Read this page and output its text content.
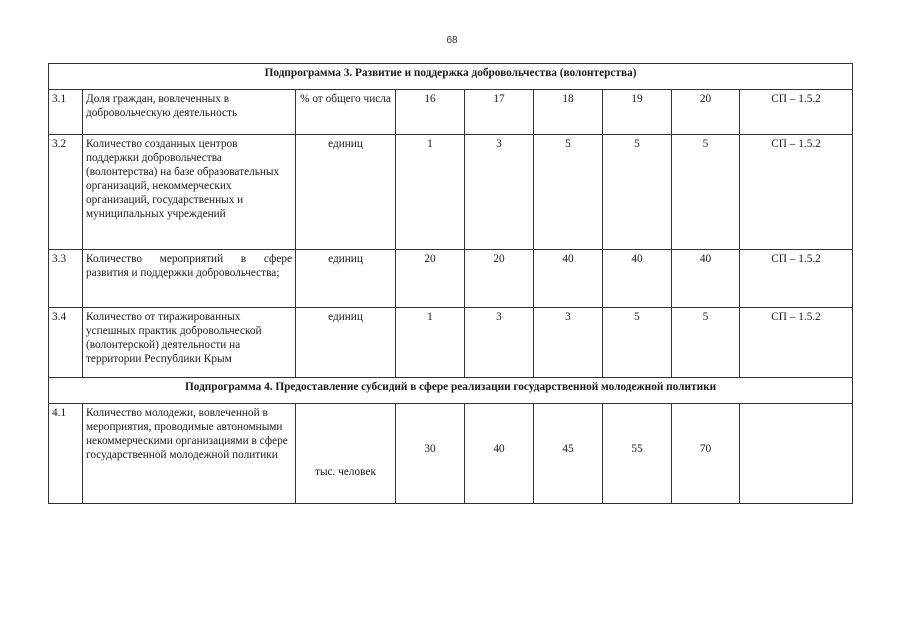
68
Подпрограмма 3. Развитие и поддержка добровольчества (волонтерства)								
3.1	Доля граждан, вовлеченных в добровольческую деятельность	% от общего числа	16	17	18	19	20	СП – 1.5.2
3.2	Количество созданных центров поддержки добровольчества (волонтерства) на базе образовательных организаций, некоммерческих организаций, государственных и муниципальных учреждений	единиц	1	3	5	5	5	СП – 1.5.2
3.3	Количество мероприятий в сфере развития и поддержки добровольчества;	единиц	20	20	40	40	40	СП – 1.5.2
3.4	Количество от тиражированных успешных практик добровольческой (волонтерской) деятельности на территории Республики Крым	единиц	1	3	3	5	5	СП – 1.5.2
Подпрограмма 4. Предоставление субсидий в сфере реализации государственной молодежной политики								
4.1	Количество молодежи, вовлеченной в мероприятия, проводимые автономными некоммерческими организациями в сфере государственной молодежной политики	тыс. человек	30	40	45	55	70	
